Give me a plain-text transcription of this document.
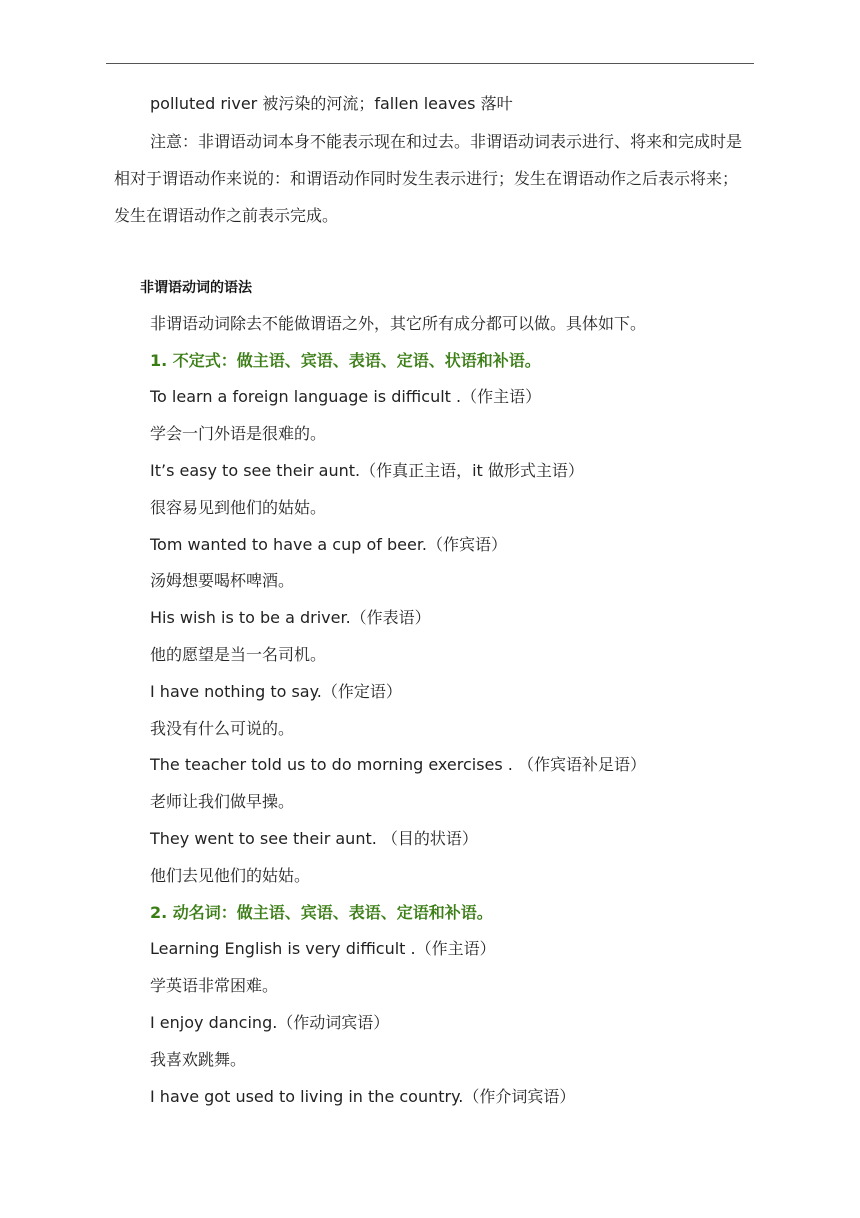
polluted river 被污染的河流；fallen leaves 落叶

注意：非谓语动词本身不能表示现在和过去。非谓语动词表示进行、将来和完成时是相对于谓语动作来说的：和谓语动作同时发生表示进行；发生在谓语动作之后表示将来；发生在谓语动作之前表示完成。

非谓语动词的语法
非谓语动词除去不能做谓语之外，其它所有成分都可以做。具体如下。
1. 不定式：做主语、宾语、表语、定语、状语和补语。
To learn a foreign language is difficult .（作主语）
学会一门外语是很难的。
It’s easy to see their aunt.（作真正主语，it 做形式主语）
很容易见到他们的姑姑。
Tom wanted to have a cup of beer.（作宾语）
汤姆想要喝杯啤酒。
His wish is to be a driver.（作表语）
他的愿望是当一名司机。
I have nothing to say.（作定语）
我没有什么可说的。
The teacher told us to do morning exercises . （作宾语补足语）
老师让我们做早操。
They went to see their aunt. （目的状语）
他们去见他们的姑姑。
2. 动名词：做主语、宾语、表语、定语和补语。
Learning English is very difficult .（作主语）
学英语非常困难。
I enjoy dancing.（作动词宾语）
我喜欢跳舞。
I have got used to living in the country.（作介词宾语）
